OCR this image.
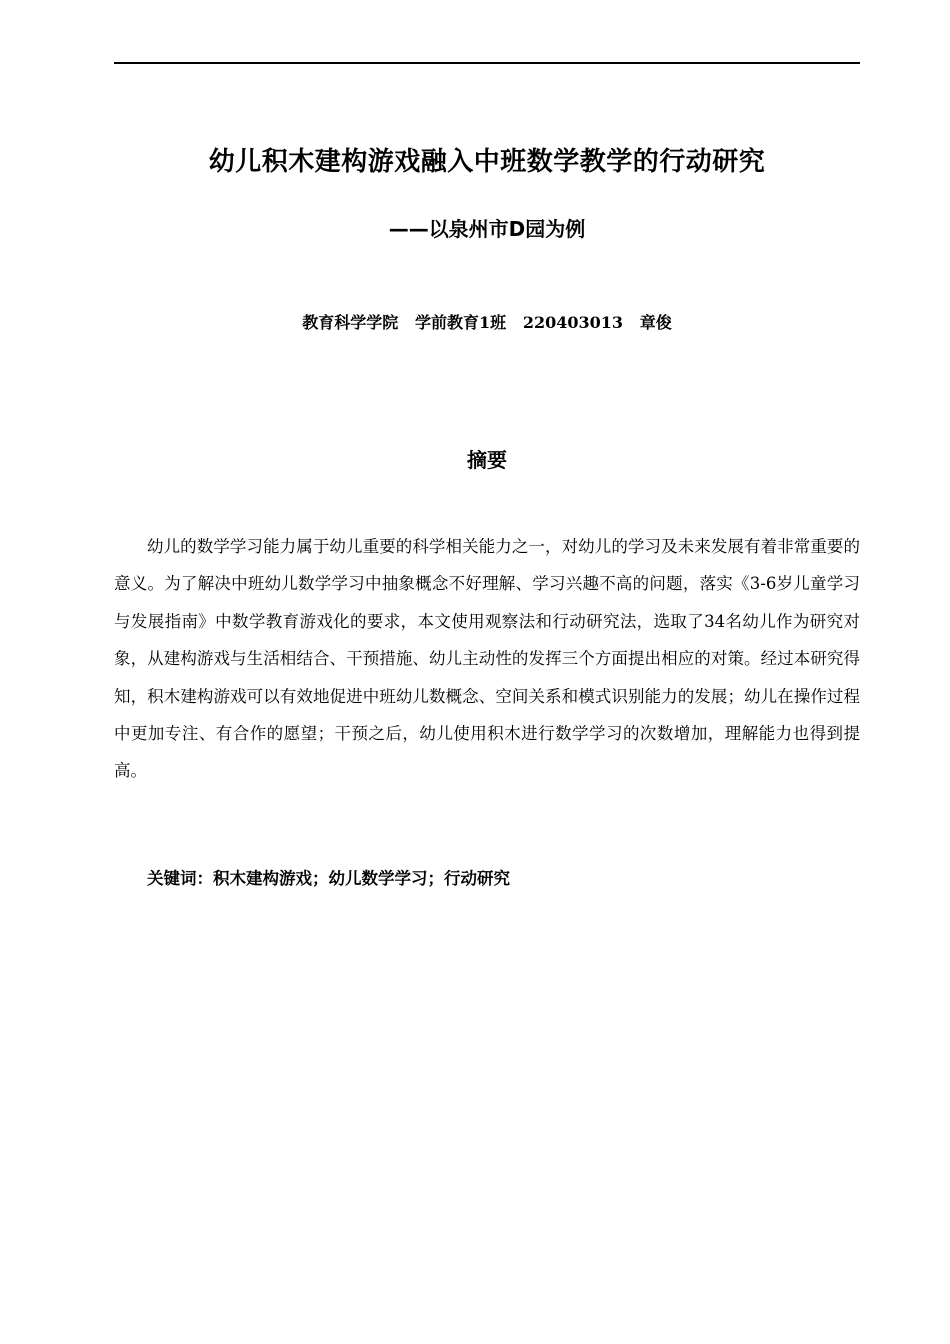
幼儿积木建构游戏融入中班数学教学的行动研究
——以泉州市D园为例
教育科学学院   学前教育1班   220403013   章俊
摘要

幼儿的数学学习能力属于幼儿重要的科学相关能力之一，对幼儿的学习及未来发展有着非常重要的意义。为了解决中班幼儿数学学习中抽象概念不好理解、学习兴趣不高的问题，落实《3-6岁儿童学习与发展指南》中数学教育游戏化的要求，本文使用观察法和行动研究法，选取了34名幼儿作为研究对象，从建构游戏与生活相结合、干预措施、幼儿主动性的发挥三个方面提出相应的对策。经过本研究得知，积木建构游戏可以有效地促进中班幼儿数概念、空间关系和模式识别能力的发展；幼儿在操作过程中更加专注、有合作的愿望；干预之后，幼儿使用积木进行数学学习的次数增加，理解能力也得到提高。

关键词：积木建构游戏；幼儿数学学习；行动研究
